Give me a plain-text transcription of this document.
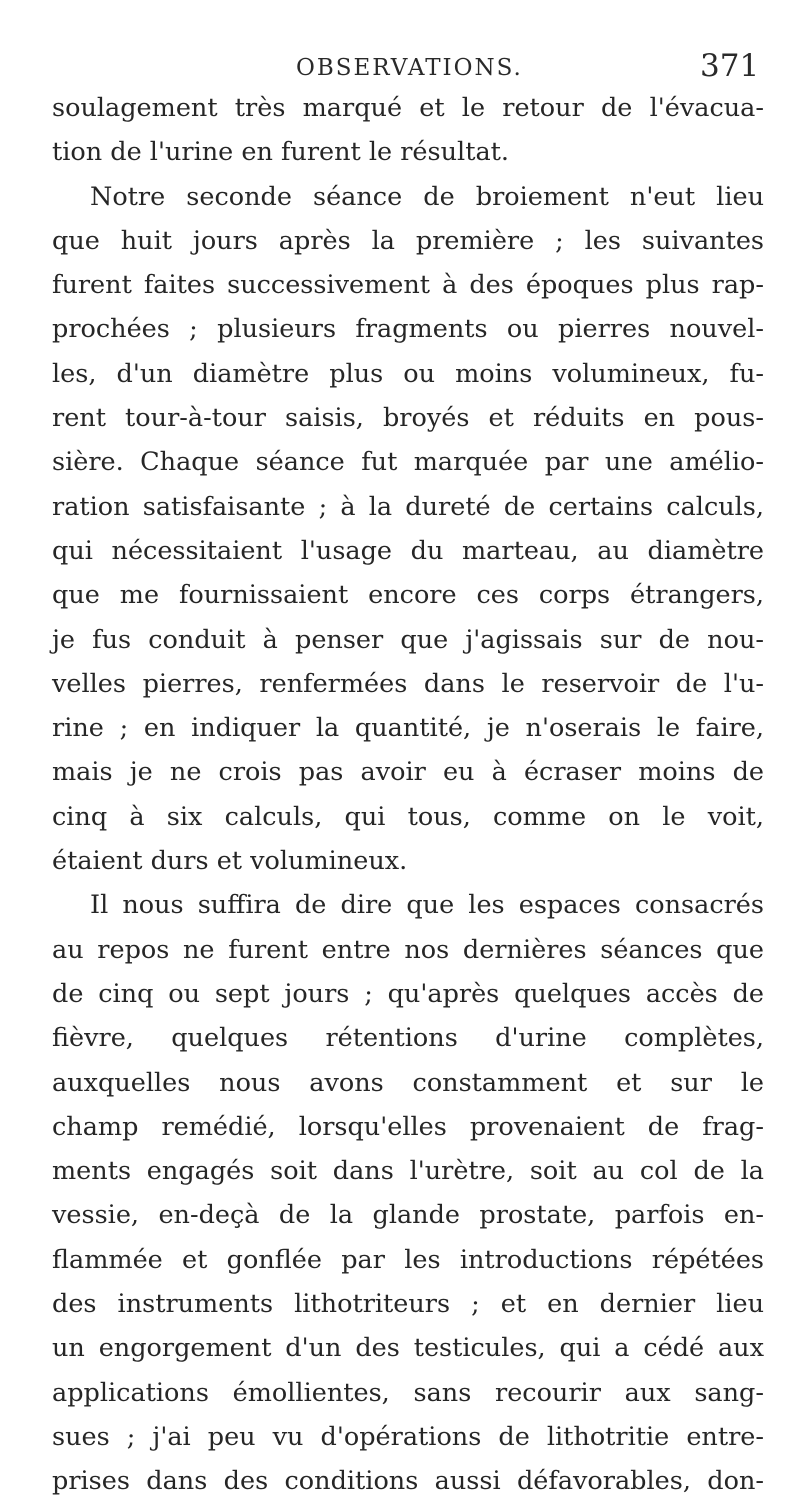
OBSERVATIONS.	371
soulagement très marqué et le retour de l'évacua-
tion de l'urine en furent le résultat.
Notre seconde séance de broiement n'eut lieu
que huit jours après la première ; les suivantes
furent faites successivement à des époques plus rap-
prochées ; plusieurs fragments ou pierres nouvel-
les, d'un diamètre plus ou moins volumineux, fu-
rent tour-à-tour saisis, broyés et réduits en pous-
sière. Chaque séance fut marquée par une amélio-
ration satisfaisante ; à la dureté de certains calculs,
qui nécessitaient l'usage du marteau, au diamètre
que me fournissaient encore ces corps étrangers,
je fus conduit à penser que j'agissais sur de nou-
velles pierres, renfermées dans le reservoir de l'u-
rine ; en indiquer la quantité, je n'oserais le faire,
mais je ne crois pas avoir eu à écraser moins de
cinq à six calculs, qui tous, comme on le voit,
étaient durs et volumineux.
Il nous suffira de dire que les espaces consacrés
au repos ne furent entre nos dernières séances que
de cinq ou sept jours ; qu'après quelques accès de
fièvre, quelques rétentions d'urine complètes,
auxquelles nous avons constamment et sur le
champ remédié, lorsqu'elles provenaient de frag-
ments engagés soit dans l'urètre, soit au col de la
vessie, en-deçà de la glande prostate, parfois en-
flammée et gonflée par les introductions répétées
des instruments lithotriteurs ; et en dernier lieu
un engorgement d'un des testicules, qui a cédé aux
applications émollientes, sans recourir aux sang-
sues ; j'ai peu vu d'opérations de lithotritie entre-
prises dans des conditions aussi défavorables, don-
